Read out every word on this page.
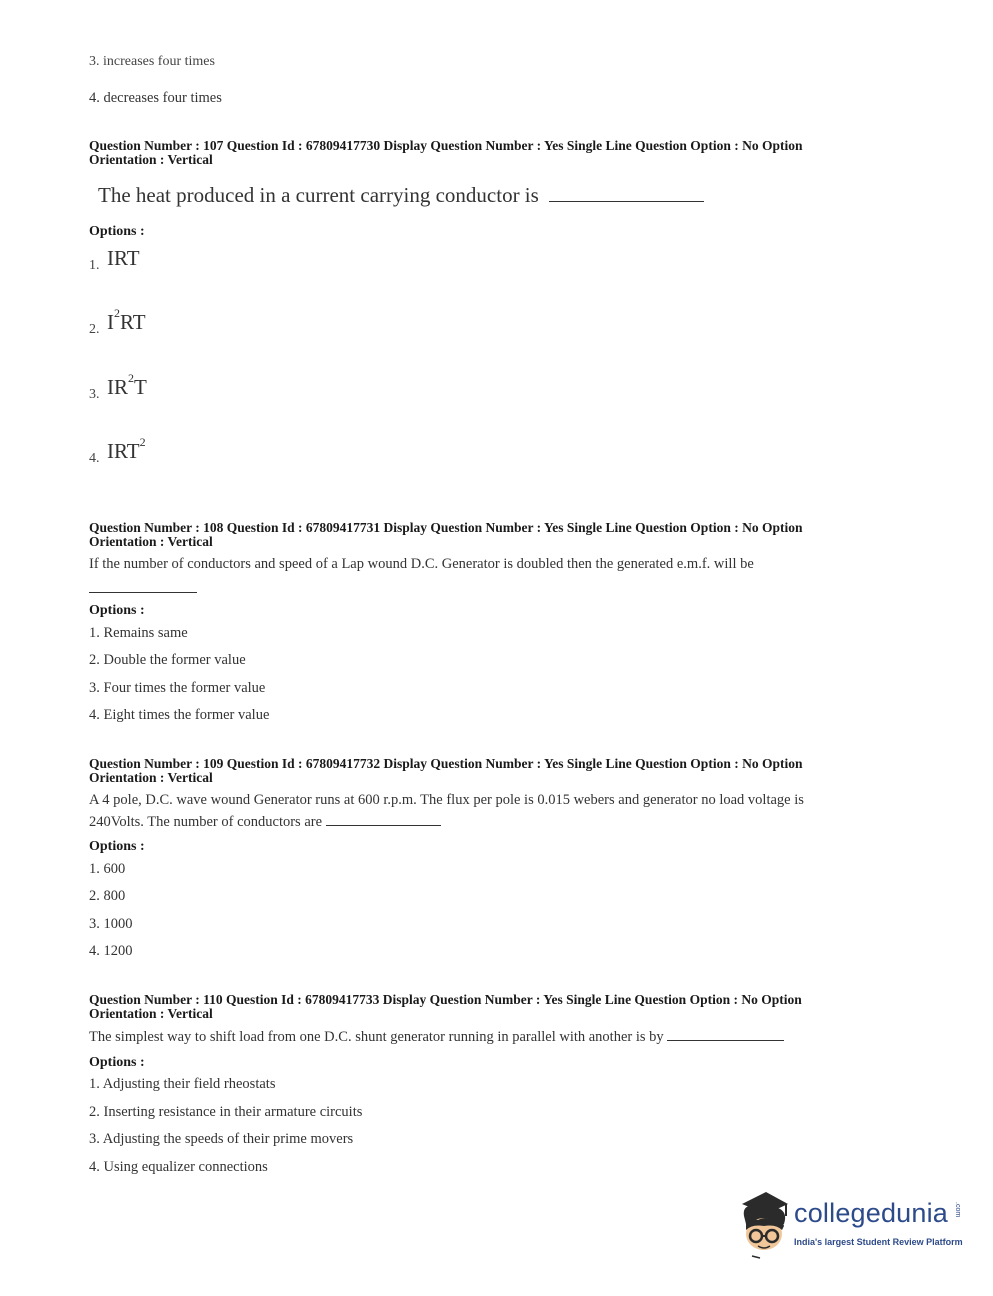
3. increases four times
4. decreases four times
Question Number : 107 Question Id : 67809417730 Display Question Number : Yes Single Line Question Option : No Option
Orientation : Vertical
The heat produced in a current carrying conductor is
Options :
1. IRT
2. $I^2RT$
3. $IR^2T$
4. IRT$^2$
Question Number : 108 Question Id : 67809417731 Display Question Number : Yes Single Line Question Option : No Option
Orientation : Vertical
If the number of conductors and speed of a Lap wound D.C. Generator is doubled then the generated e.m.f. will be
Options :
1. Remains same
2. Double the former value
3. Four times the former value
4. Eight times the former value
Question Number : 109 Question Id : 67809417732 Display Question Number : Yes Single Line Question Option : No Option
Orientation : Vertical
A 4 pole, D.C. wave wound Generator runs at 600 r.p.m. The flux per pole is 0.015 webers and generator no load voltage is
240Volts. The number of conductors are
Options :
1. 600
2. 800
3. 1000
4. 1200
Question Number : 110 Question Id : 67809417733 Display Question Number : Yes Single Line Question Option : No Option
Orientation : Vertical
The simplest way to shift load from one D.C. shunt generator running in parallel with another is by
Options :
1. Adjusting their field rheostats
2. Inserting resistance in their armature circuits
3. Adjusting the speeds of their prime movers
4. Using equalizer connections
collegedunia .com
India's largest Student Review Platform
